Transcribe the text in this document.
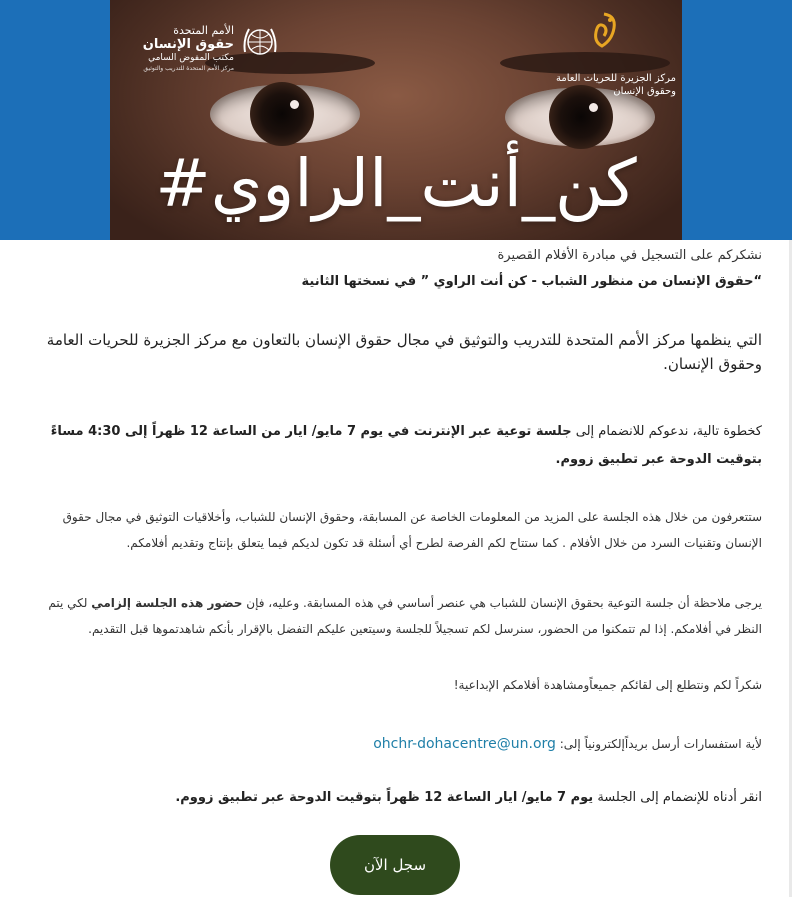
الأمم المتحدة
حقوق الإنسان
مكتب المفوض السامي
مركز الأمم المتحدة للتدريب والتوثيق
مركز الجزيرة للحريات العامة
وحقوق الإنسان
#كن_أنت_الراوي
نشكركم على التسجيل في مبادرة الأفلام القصيرة
“حقوق الإنسان من منظور الشباب - كن أنت الراوي ” في نسختها الثانية
التي ينظمها مركز الأمم المتحدة للتدريب والتوثيق في مجال حقوق الإنسان بالتعاون مع مركز الجزيرة للحريات العامة وحقوق الإنسان.
كخطوة تالية، ندعوكم للانضمام إلى جلسة توعية عبر الإنترنت في يوم 7 مايو/ ايار من الساعة 12 ظهراً إلى 4:30 مساءً بتوقيت الدوحة عبر تطبيق زووم.
ستتعرفون من خلال هذه الجلسة على المزيد من المعلومات الخاصة عن المسابقة، وحقوق الإنسان للشباب، وأخلاقيات التوثيق في مجال حقوق الإنسان وتقنيات السرد من خلال الأفلام . كما ستتاح لكم الفرصة لطرح أي أسئلة قد تكون لديكم فيما يتعلق بإنتاج وتقديم أفلامكم.
يرجى ملاحظة أن جلسة التوعية بحقوق الإنسان للشباب هي عنصر أساسي في هذه المسابقة. وعليه، فإن حضور هذه الجلسة إلزامي لكي يتم النظر في أفلامكم. إذا لم تتمكنوا من الحضور، سنرسل لكم تسجيلاً للجلسة وسيتعين عليكم التفضل بالإقرار بأنكم شاهدتموها قبل التقديم.
شكراً لكم ونتطلع إلى لقائكم جميعاًومشاهدة أفلامكم الإبداعية!
لأية استفسارات أرسل بريداًإلكترونياً إلى: ohchr-dohacentre@un.org
انقر أدناه للإنضمام إلى الجلسة يوم 7 مايو/ ايار الساعة 12 ظهراً بتوقيت الدوحة عبر تطبيق زووم.
سجل الآن
